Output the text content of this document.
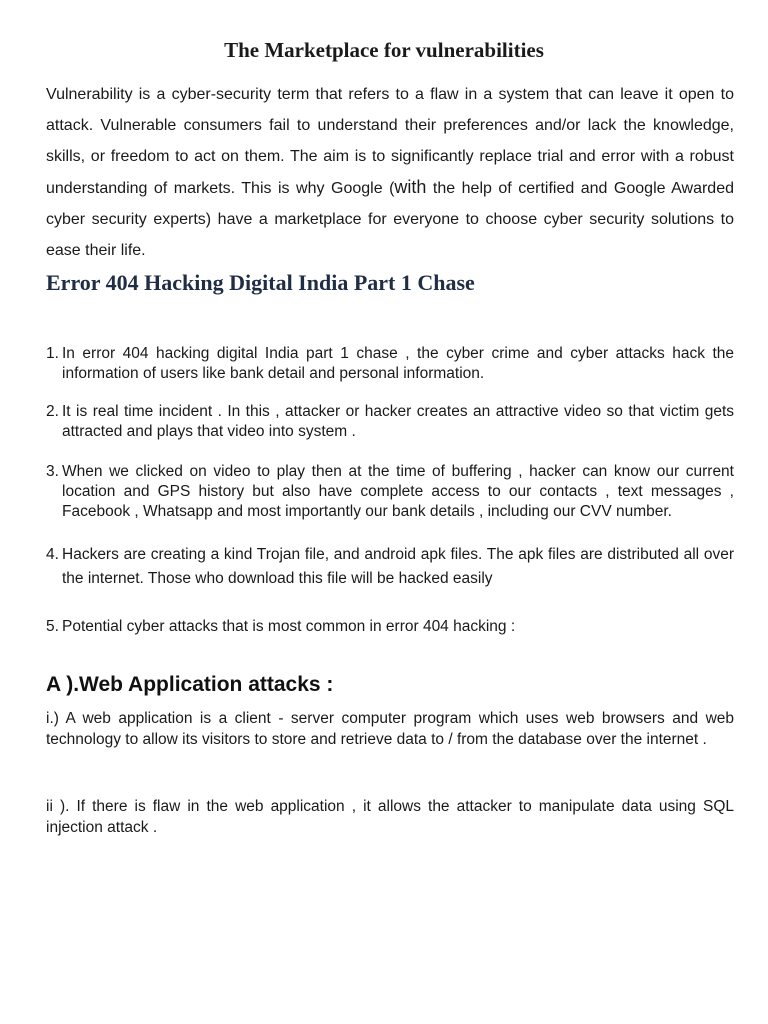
The Marketplace for vulnerabilities

Vulnerability is a cyber-security term that refers to a flaw in a system that can leave it open to attack. Vulnerable consumers fail to understand their preferences and/or lack the knowledge, skills, or freedom to act on them. The aim is to significantly replace trial and error with a robust understanding of markets. This is why Google (with the help of certified and Google Awarded cyber security experts) have a marketplace for everyone to choose cyber security solutions to ease their life.

Error 404 Hacking Digital India Part 1 Chase
1. In error 404 hacking digital India part 1 chase , the cyber crime and cyber attacks hack the information of users like bank detail and personal information.
2. It is real time incident . In this , attacker or hacker creates an attractive video so that victim gets attracted and plays that video into system .
3. When we clicked on video to play then at the time of buffering , hacker can know our current location and GPS history but also have complete access to our contacts , text messages , Facebook , Whatsapp and most importantly our bank details , including our CVV number.
4. Hackers are creating a kind Trojan file, and android apk files. The apk files are distributed all over the internet. Those who download this file will be hacked easily
5. Potential cyber attacks that is most common in error 404 hacking :
A ).Web Application attacks :

i.) A web application is a client - server computer program which uses web browsers and web technology to allow its visitors to store and retrieve data to / from the database over the internet .

ii ). If there is flaw in the web application , it allows the attacker to manipulate data using SQL injection attack .
